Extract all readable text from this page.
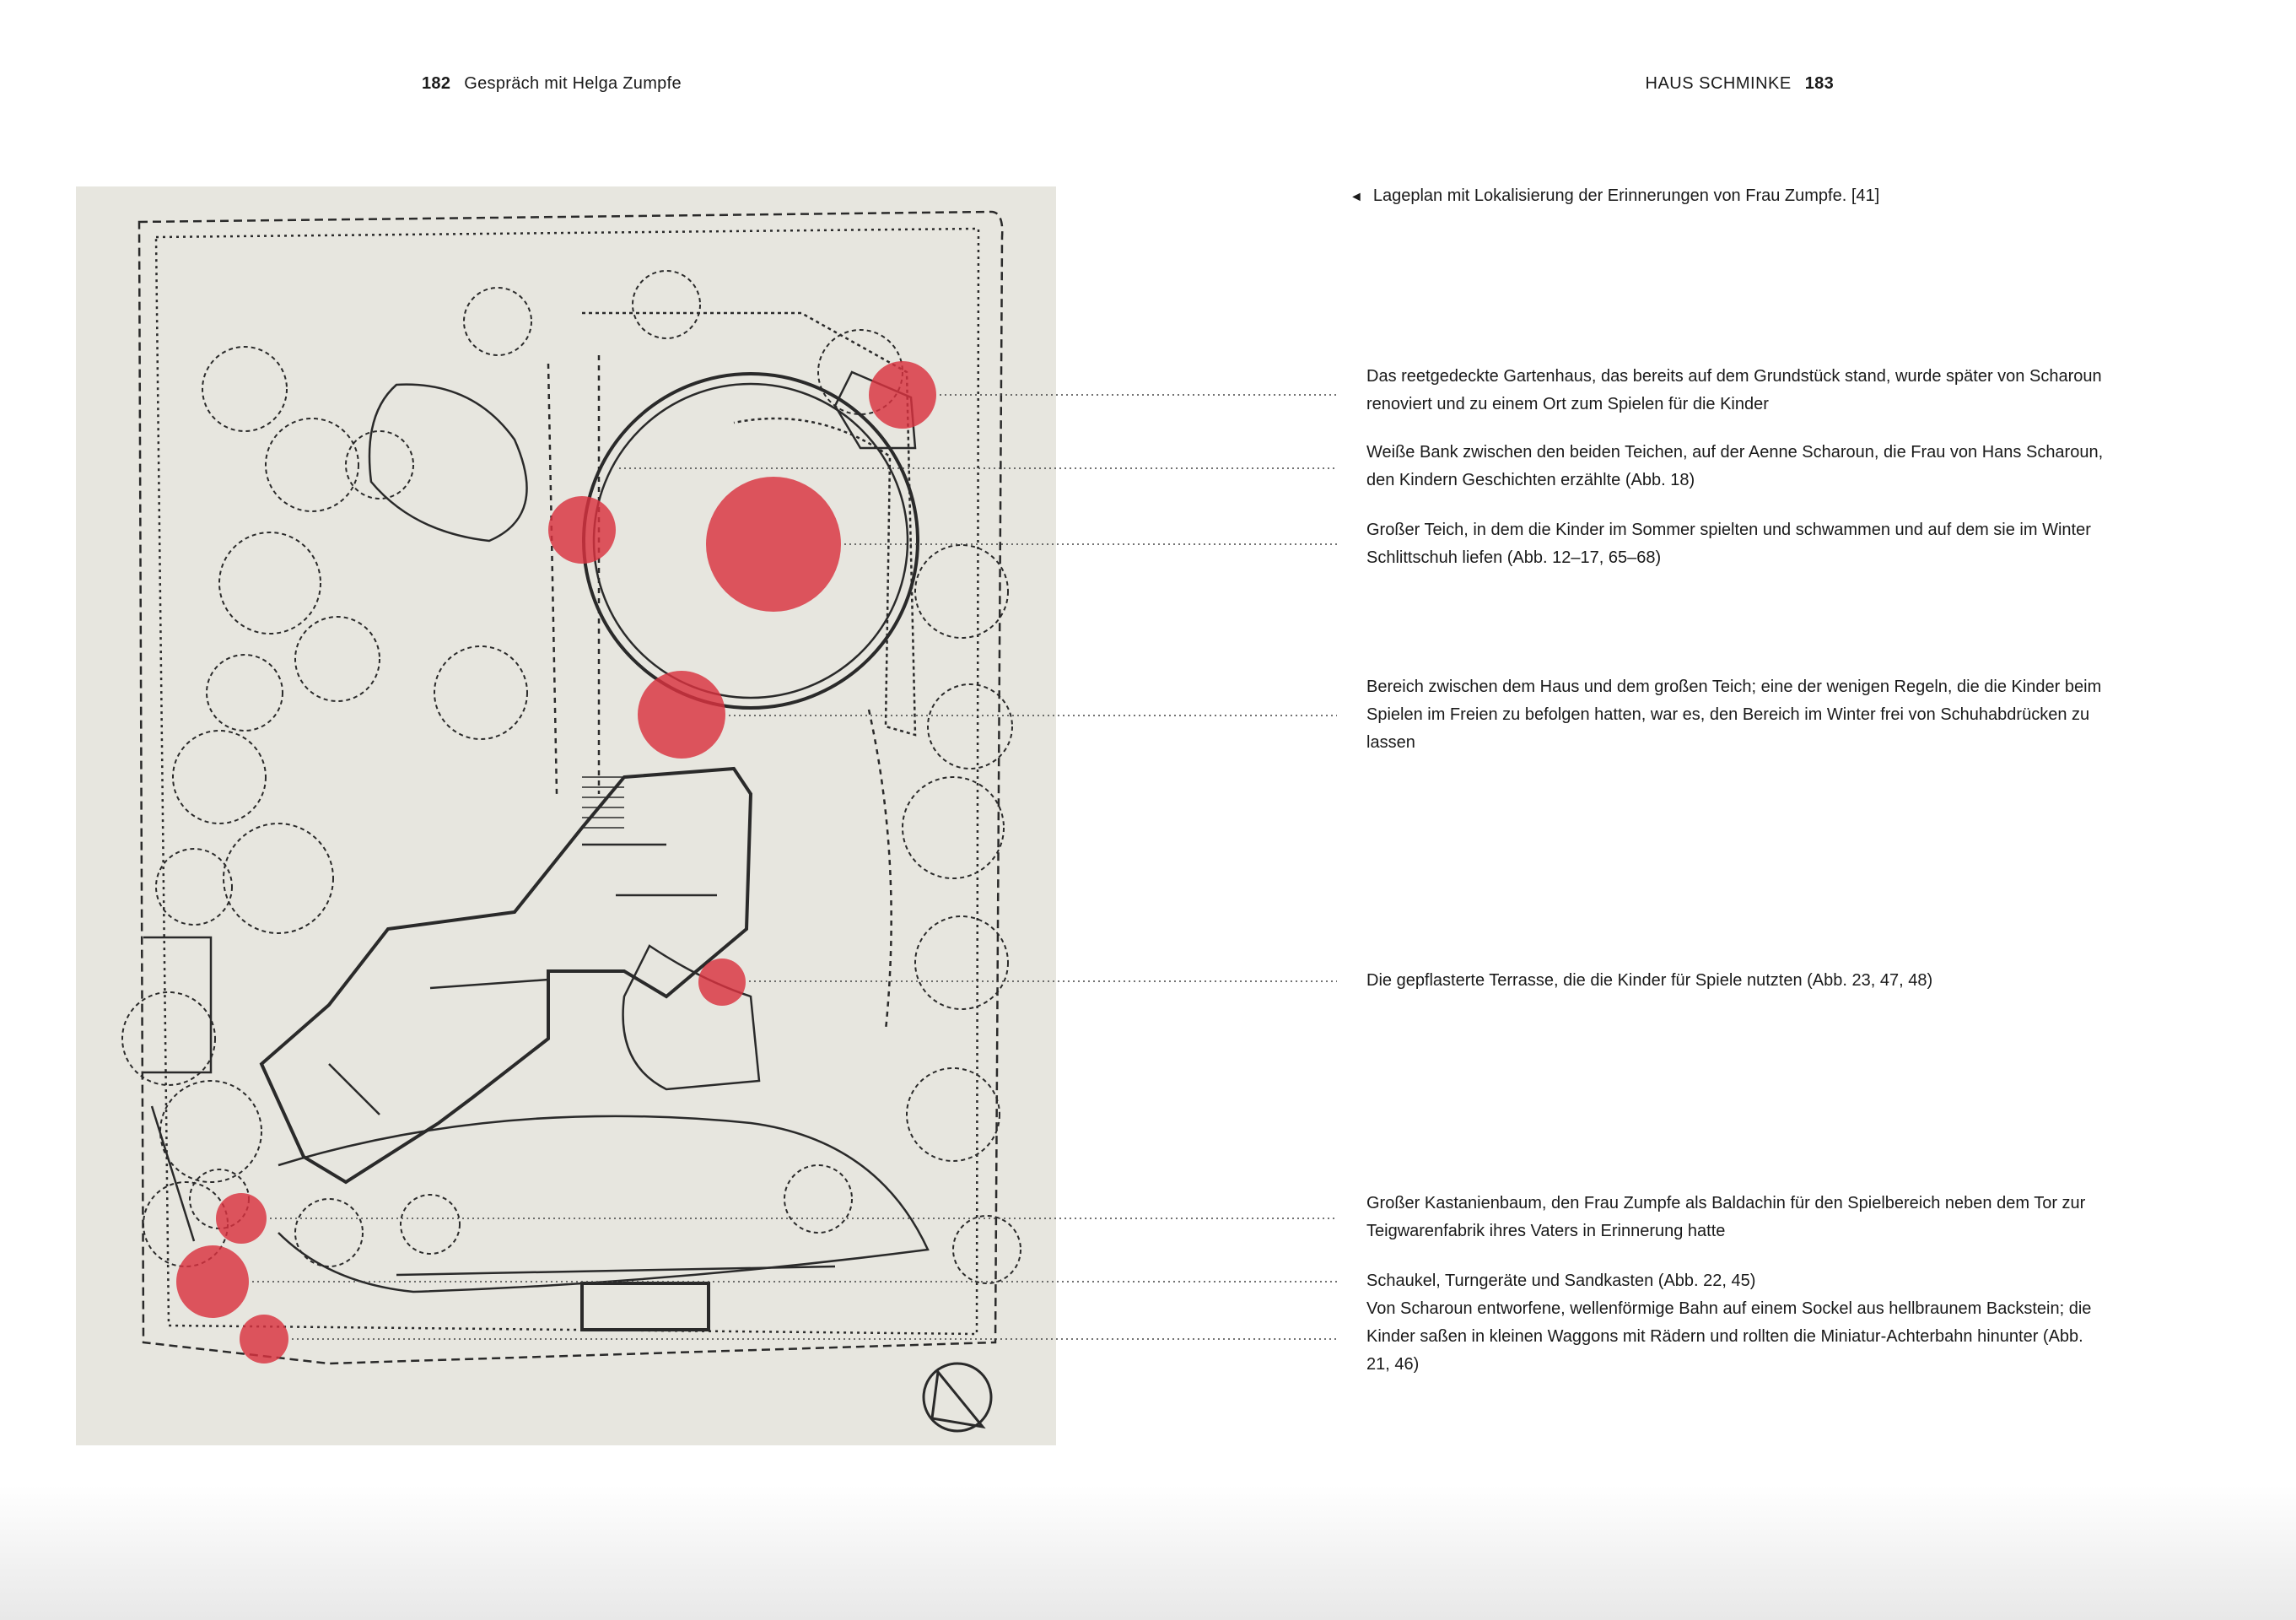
182 Gespräch mit Helga Zumpfe	HAUS SCHMINKE 183
◄ Lageplan mit Lokalisierung der Erinnerungen von Frau Zumpfe. [41]
Das reetgedeckte Gartenhaus, das bereits auf dem Grundstück stand, wurde später von Scharoun renoviert und zu einem Ort zum Spielen für die Kinder
Weiße Bank zwischen den beiden Teichen, auf der Aenne Scharoun, die Frau von Hans Scharoun, den Kindern Geschichten erzählte (Abb. 18)
Großer Teich, in dem die Kinder im Sommer spielten und schwammen und auf dem sie im Winter Schlittschuh liefen (Abb. 12–17, 65–68)
Bereich zwischen dem Haus und dem großen Teich; eine der wenigen Regeln, die die Kinder beim Spielen im Freien zu befolgen hatten, war es, den Bereich im Winter frei von Schuhabdrücken zu lassen
Die gepflasterte Terrasse, die die Kinder für Spiele nutzten (Abb. 23, 47, 48)
Großer Kastanienbaum, den Frau Zumpfe als Baldachin für den Spielbereich neben dem Tor zur Teigwarenfabrik ihres Vaters in Erinnerung hatte
Schaukel, Turngeräte und Sandkasten (Abb. 22, 45)
Von Scharoun entworfene, wellenförmige Bahn auf einem Sockel aus hellbraunem Backstein; die Kinder saßen in kleinen Waggons mit Rädern und rollten die Miniatur-Achterbahn hinunter (Abb. 21, 46)
